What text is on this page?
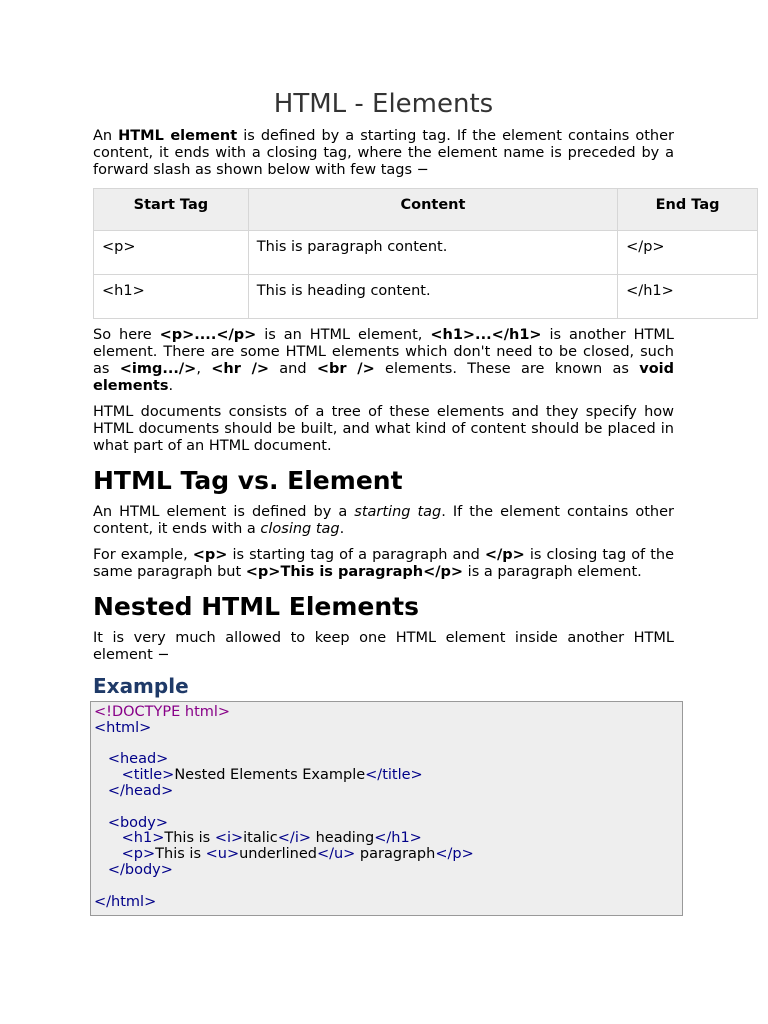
HTML - Elements

An HTML element is defined by a starting tag. If the element contains other content, it ends with a closing tag, where the element name is preceded by a forward slash as shown below with few tags −

Start Tag	Content	End Tag
<p>	This is paragraph content.	</p>
<h1>	This is heading content.	</h1>

So here <p>....</p> is an HTML element, <h1>...</h1> is another HTML element. There are some HTML elements which don't need to be closed, such as <img.../>, <hr /> and <br /> elements. These are known as void elements.

HTML documents consists of a tree of these elements and they specify how HTML documents should be built, and what kind of content should be placed in what part of an HTML document.

HTML Tag vs. Element

An HTML element is defined by a starting tag. If the element contains other content, it ends with a closing tag.

For example, <p> is starting tag of a paragraph and </p> is closing tag of the same paragraph but <p>This is paragraph</p> is a paragraph element.

Nested HTML Elements

It is very much allowed to keep one HTML element inside another HTML element −

Example
<!DOCTYPE html>
<html>
<head>
<title>Nested Elements Example</title>
</head>
<body>
<h1>This is <i>italic</i> heading</h1>
<p>This is <u>underlined</u> paragraph</p>
</body>
</html>
